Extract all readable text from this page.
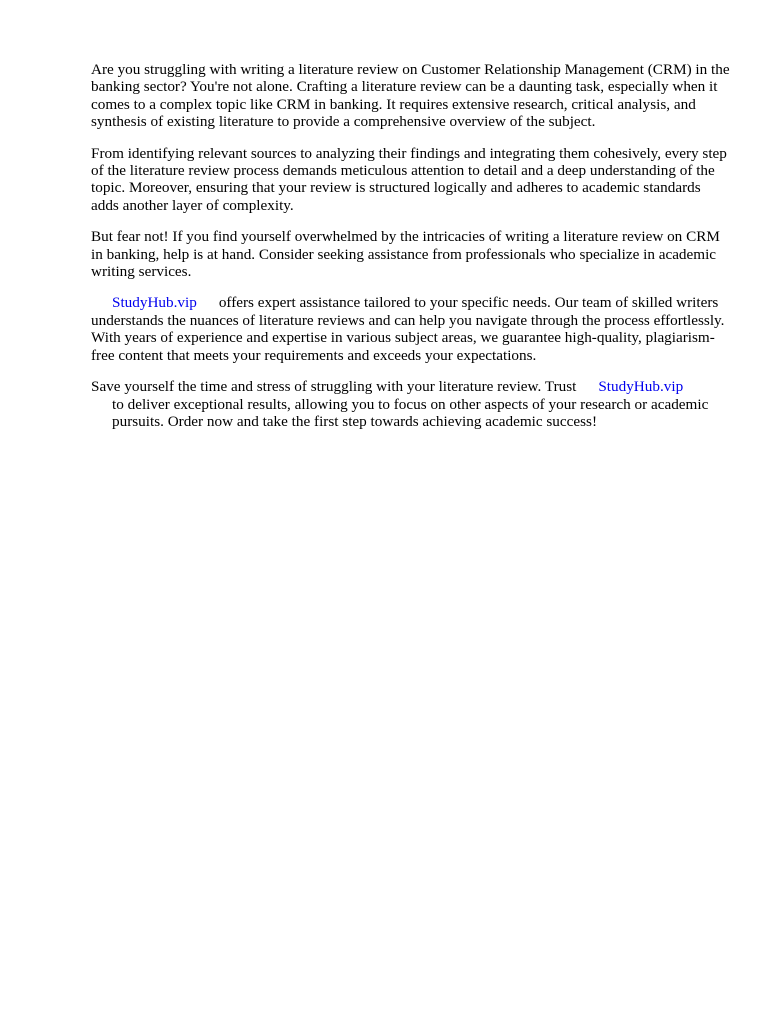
Are you struggling with writing a literature review on Customer Relationship Management (CRM) in the banking sector? You're not alone. Crafting a literature review can be a daunting task, especially when it comes to a complex topic like CRM in banking. It requires extensive research, critical analysis, and synthesis of existing literature to provide a comprehensive overview of the subject.

From identifying relevant sources to analyzing their findings and integrating them cohesively, every step of the literature review process demands meticulous attention to detail and a deep understanding of the topic. Moreover, ensuring that your review is structured logically and adheres to academic standards adds another layer of complexity.

But fear not! If you find yourself overwhelmed by the intricacies of writing a literature review on CRM in banking, help is at hand. Consider seeking assistance from professionals who specialize in academic writing services.

StudyHub.vip offers expert assistance tailored to your specific needs. Our team of skilled writers understands the nuances of literature reviews and can help you navigate through the process effortlessly. With years of experience and expertise in various subject areas, we guarantee high-quality, plagiarism-free content that meets your requirements and exceeds your expectations.

Save yourself the time and stress of struggling with your literature review. Trust StudyHub.vip
to deliver exceptional results, allowing you to focus on other aspects of your research or academic pursuits. Order now and take the first step towards achieving academic success!
